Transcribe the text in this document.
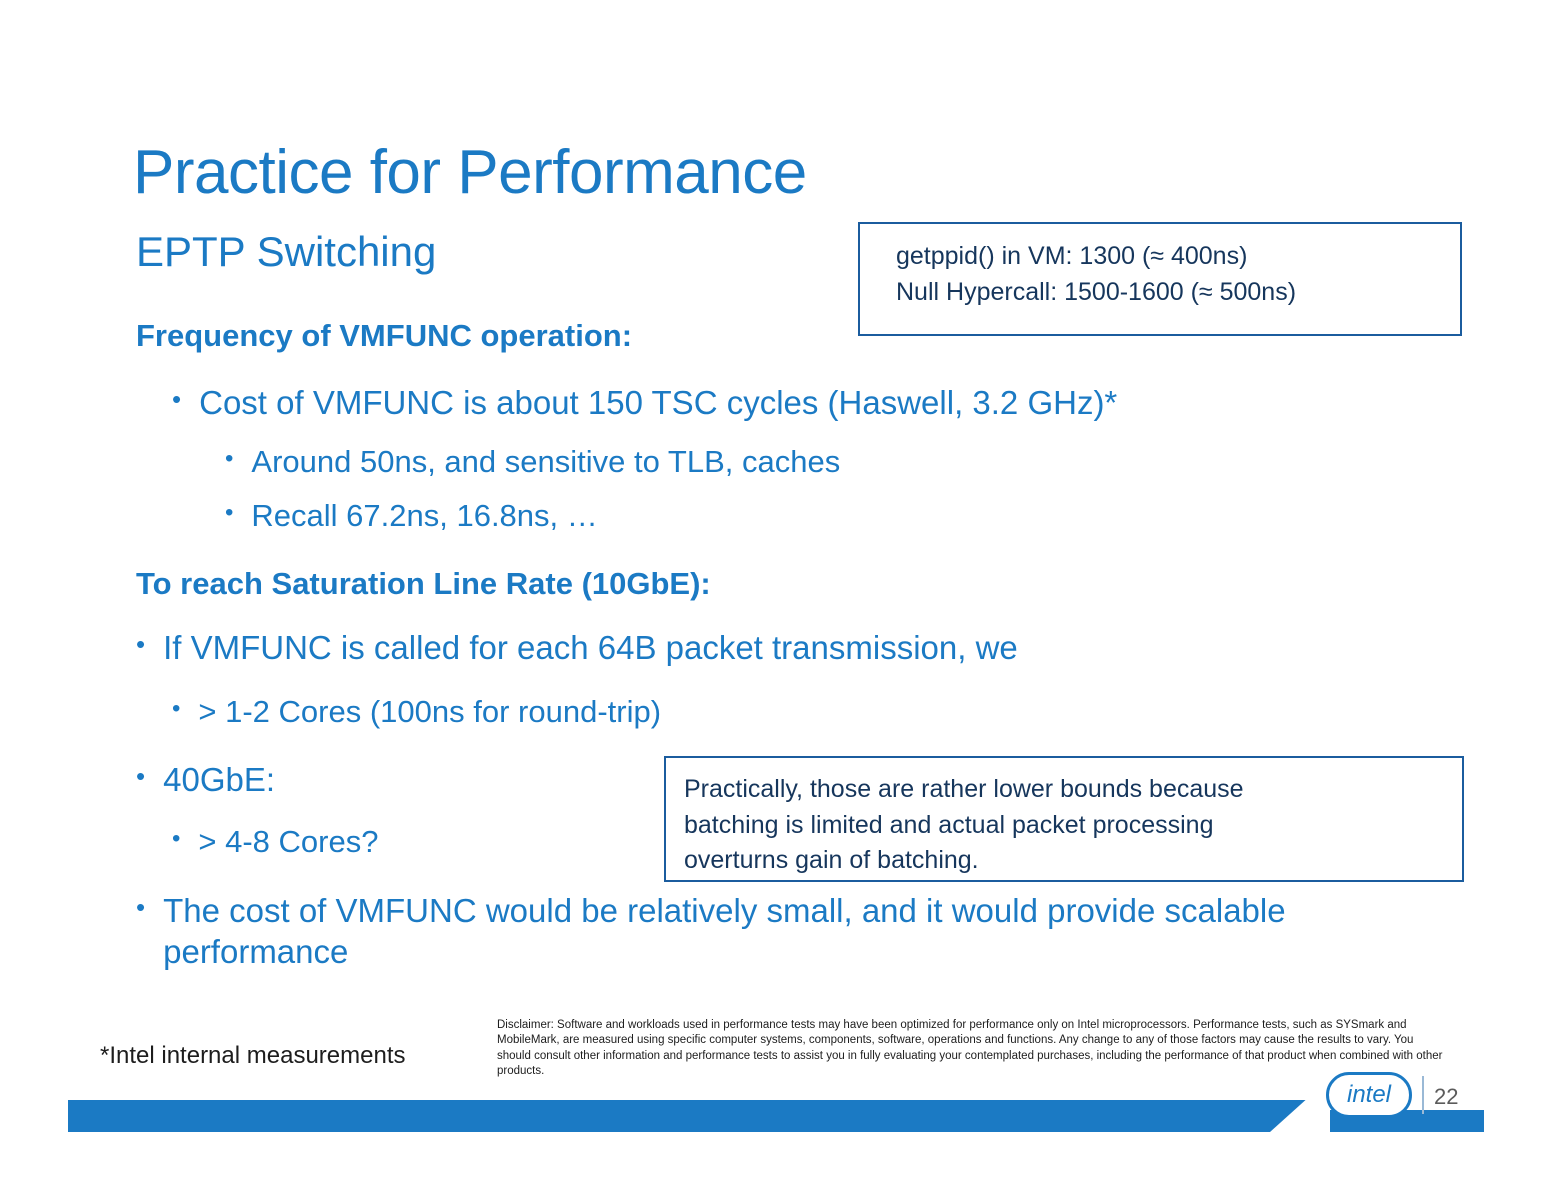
Practice for Performance
EPTP Switching	getppid() in VM: 1300 (≈ 400ns)
Null Hypercall: 1500-1600 (≈ 500ns)
Frequency of VMFUNC operation:
• Cost of VMFUNC is about 150 TSC cycles (Haswell, 3.2 GHz)*
• Around 50ns, and sensitive to TLB, caches
• Recall 67.2ns, 16.8ns, …
To reach Saturation Line Rate (10GbE):
• If VMFUNC is called for each 64B packet transmission, we
• > 1-2 Cores (100ns for round-trip)
• 40GbE:
• > 4-8 Cores?
• The cost of VMFUNC would be relatively small, and it would provide scalable performance
Practically, those are rather lower bounds because
batching is limited and actual packet processing
overturns gain of batching.
*Intel internal measurements
Disclaimer: Software and workloads used in performance tests may have been optimized for performance only on Intel microprocessors. Performance tests, such as SYSmark and MobileMark, are measured using specific computer systems, components, software, operations and functions. Any change to any of those factors may cause the results to vary. You should consult other information and performance tests to assist you in fully evaluating your contemplated purchases, including the performance of that product when combined with other products.
intel	22
